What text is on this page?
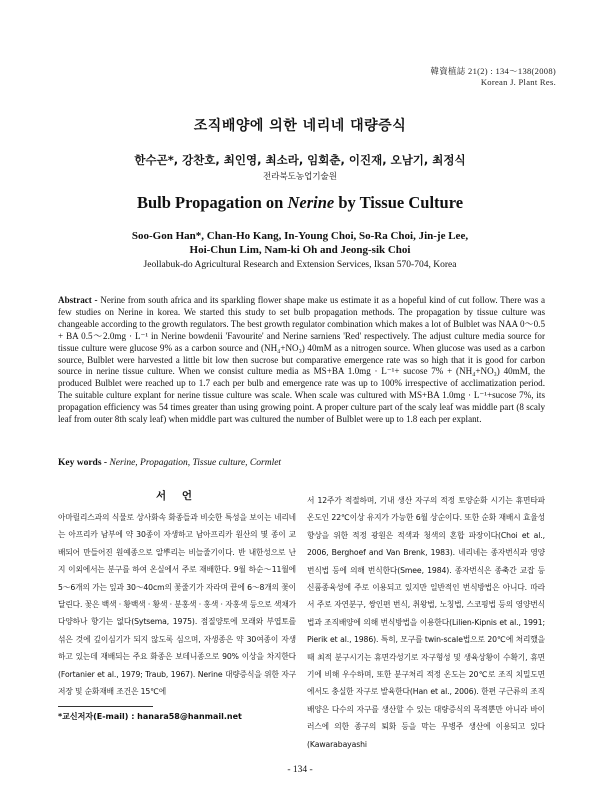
韓資植誌 21(2) : 134～138(2008)
Korean J. Plant Res.
조직배양에 의한 네리네 대량증식
한수곤*, 강찬호, 최인영, 최소라, 임회춘, 이진재, 오남기, 최정식
전라북도농업기술원
Bulb Propagation on Nerine by Tissue Culture
Soo-Gon Han*, Chan-Ho Kang, In-Young Choi, So-Ra Choi, Jin-je Lee,
Hoi-Chun Lim, Nam-ki Oh and Jeong-sik Choi
Jeollabuk-do Agricultural Research and Extension Services, Iksan 570-704, Korea
Abstract - Nerine from south africa and its sparkling flower shape make us estimate it as a hopeful kind of cut follow. There was a few studies on Nerine in korea. We started this study to set bulb propagation methods. The propagation by tissue culture was changeable according to the growth regulators. The best growth regulator combination which makes a lot of Bulblet was NAA 0～0.5 + BA 0.5～2.0mg · L⁻¹ in Nerine bowdenii 'Favourite' and Nerine sarniens 'Red' respectively. The adjust culture media source for tissue culture were glucose 9% as a carbon source and (NH₄+NO₃) 40mM as a nitrogen source. When glucose was used as a carbon source, Bulblet were harvested a little bit low then sucrose but comparative emergence rate was so high that it is good for carbon source in nerine tissue culture. When we consist culture media as MS+BA 1.0mg · L⁻¹+ sucose 7% + (NH₄+NO₃) 40mM, the produced Bulblet were reached up to 1.7 each per bulb and emergence rate was up to 100% irrespective of acclimatization period. The suitable culture explant for nerine tissue culture was scale. When scale was cultured with MS+BA 1.0mg · L⁻¹+sucose 7%, its propagation efficiency was 54 times greater than using growing point. A proper culture part of the scaly leaf was middle part (8 scaly leaf from outer 8th scaly leaf) when middle part was cultured the number of Bulblet were up to 1.8 each per explant.
Key words - Nerine, Propagation, Tissue culture, Cormlet
서 언

아마릴리스과의 식물로 상사화속 화종들과 비슷한 특성을 보이는 네리네는 아프리카 남부에 약 30종이 자생하고 남아프리카 원산의 몇 종이 교배되어 만들어진 원예종으로 알뿌리는 비늘줄기이다. 반 내한성으로 난지 이외에서는 분구를 하여 온실에서 주로 재배한다. 9월 하순～11월에 5～6개의 가는 잎과 30～40cm의 꽃줄기가 자라며 끝에 6～8개의 꽃이 달린다. 꽃은 백색 · 황백색 · 황색 · 분홍색 · 홍색 · 자홍색 등으로 색채가 다양하나 향기는 없다(Sytsema, 1975). 점질양토에 모래와 부엽토를 섞은 것에 깊이심기가 되지 않도록 심으며, 자생종은 약 30여종이 자생하고 있는데 재배되는 주요 화종은 보데니종으로 90% 이상을 차지한다(Fortanier et al., 1979; Traub, 1967). Nerine 대량증식을 위한 자구 저장 및 순화재배 조건은 15℃에

서 12주가 적절하며, 기내 생산 자구의 적정 토양순화 시기는 휴면타파온도인 22℃이상 유지가 가능한 6월 상순이다. 또한 순화 재배시 효율성 향상을 위한 적정 광원은 적색과 청색의 혼합 파장이다(Choi et al., 2006, Berghoef and Van Brenk, 1983). 네리네는 종자번식과 영양번식법 등에 의해 번식한다(Smee, 1984). 종자번식은 종축간 교잡 등 신품종육성에 주로 이용되고 있지만 일반적인 번식방법은 아니다. 따라서 주로 자연분구, 쌍인편 번식, 취왕법, 노칭법, 스코핑법 등의 영양번식법과 조직배양에 의해 번식방법을 이용한다(Lilien-Kipnis et al., 1991; Pierik et al., 1986). 특히, 모구를 twin-scale법으로 20℃에 처리했을 때 최적 분구시기는 휴면각성기로 자구형성 및 생육상황이 수확기, 휴면기에 비해 우수하며, 또한 분구처리 적정 온도는 20℃로 조직 치밀도면에서도 충실한 자구로 발육한다(Han et al., 2006). 한편 구근류의 조직배양은 다수의 자구를 생산할 수 있는 대량증식의 목적뿐만 아니라 바이러스에 의한 종구의 퇴화 등을 막는 무병주 생산에 이용되고 있다(Kawarabayashi

*교신저자(E-mail) : hanara58@hanmail.net
- 134 -
